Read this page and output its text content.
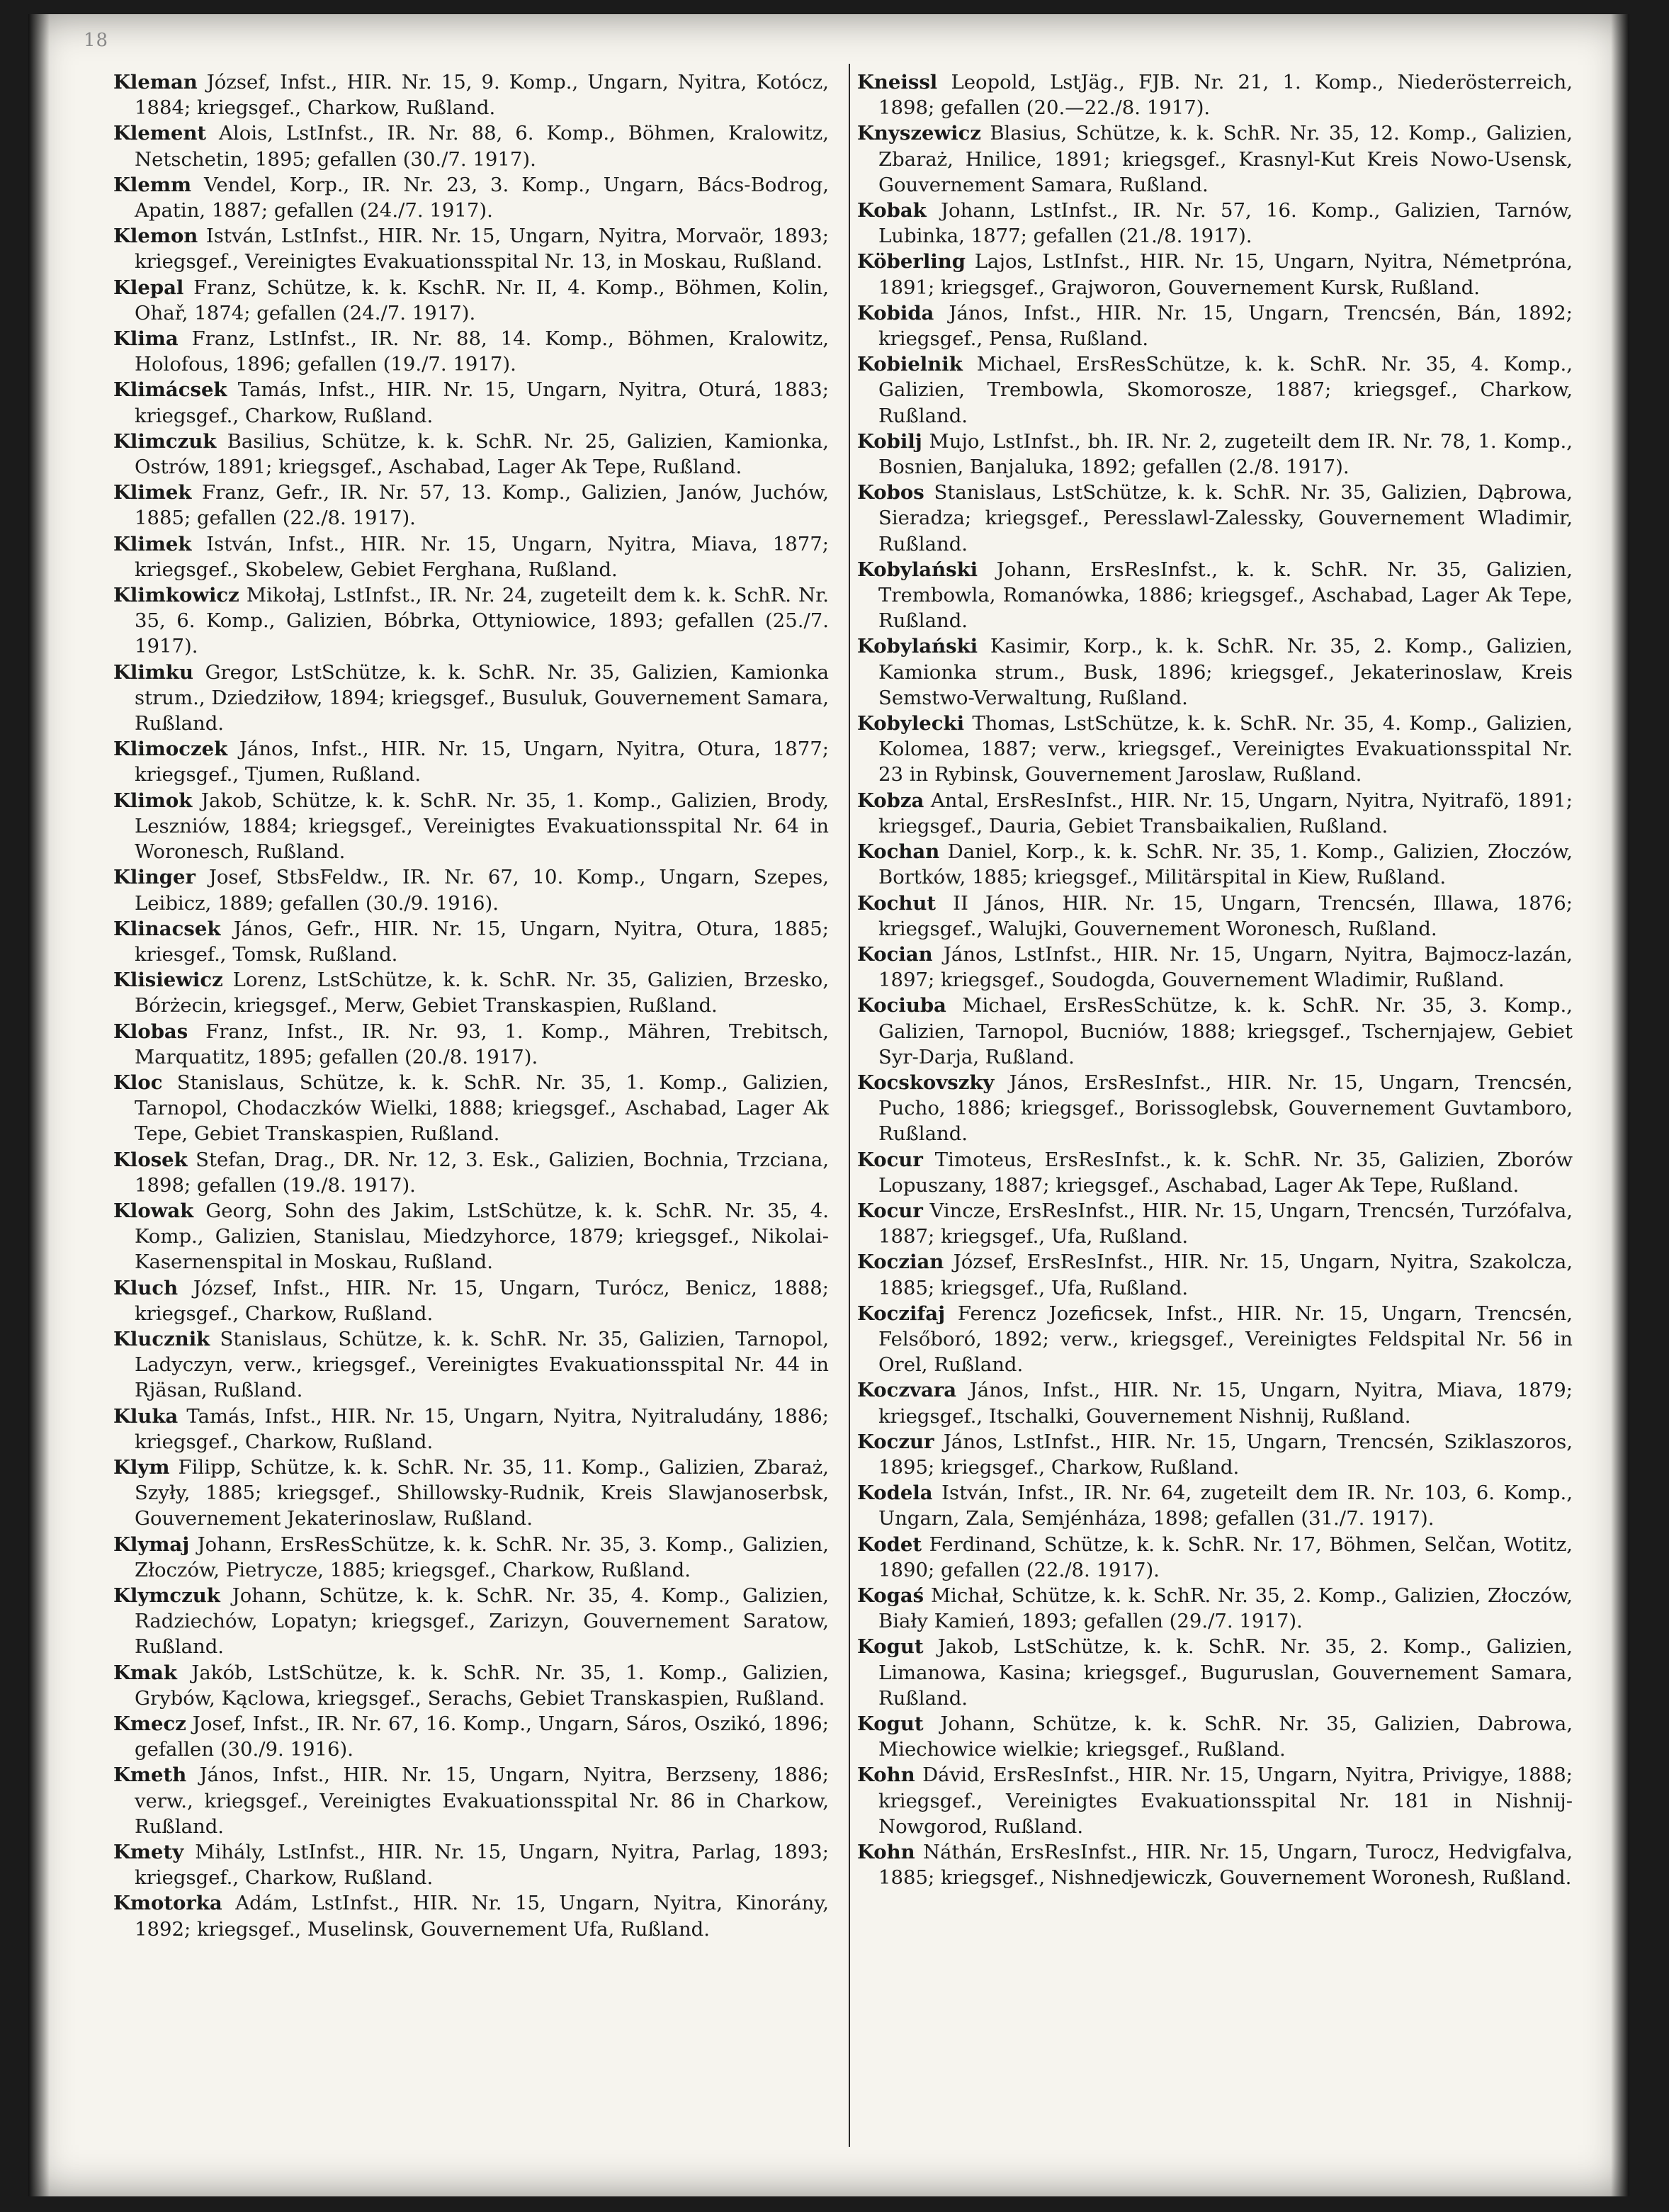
18

Kleman József, Infst., HIR. Nr. 15, 9. Komp., Ungarn, Nyitra, Kotócz, 1884; kriegsgef., Charkow, Rußland.

Klement Alois, LstInfst., IR. Nr. 88, 6. Komp., Böhmen, Kralowitz, Netschetin, 1895; gefallen (30./7. 1917).

Klemm Vendel, Korp., IR. Nr. 23, 3. Komp., Ungarn, Bács-Bodrog, Apatin, 1887; gefallen (24./7. 1917).

Klemon István, LstInfst., HIR. Nr. 15, Ungarn, Nyitra, Morvaör, 1893; kriegsgef., Vereinigtes Evakuationsspital Nr. 13, in Moskau, Rußland.

Klepal Franz, Schütze, k. k. KschR. Nr. II, 4. Komp., Böhmen, Kolin, Ohař, 1874; gefallen (24./7. 1917).

Klima Franz, LstInfst., IR. Nr. 88, 14. Komp., Böhmen, Kralowitz, Holofous, 1896; gefallen (19./7. 1917).

Klimácsek Tamás, Infst., HIR. Nr. 15, Ungarn, Nyitra, Oturá, 1883; kriegsgef., Charkow, Rußland.

Klimczuk Basilius, Schütze, k. k. SchR. Nr. 25, Galizien, Kamionka, Ostrów, 1891; kriegsgef., Aschabad, Lager Ak Tepe, Rußland.

Klimek Franz, Gefr., IR. Nr. 57, 13. Komp., Galizien, Janów, Juchów, 1885; gefallen (22./8. 1917).

Klimek István, Infst., HIR. Nr. 15, Ungarn, Nyitra, Miava, 1877; kriegsgef., Skobelew, Gebiet Ferghana, Rußland.

Klimkowicz Mikołaj, LstInfst., IR. Nr. 24, zugeteilt dem k. k. SchR. Nr. 35, 6. Komp., Galizien, Bóbrka, Ottyniowice, 1893; gefallen (25./7. 1917).

Klimku Gregor, LstSchütze, k. k. SchR. Nr. 35, Galizien, Kamionka strum., Dziedziłow, 1894; kriegsgef., Busuluk, Gouvernement Samara, Rußland.

Klimoczek János, Infst., HIR. Nr. 15, Ungarn, Nyitra, Otura, 1877; kriegsgef., Tjumen, Rußland.

Klimok Jakob, Schütze, k. k. SchR. Nr. 35, 1. Komp., Galizien, Brody, Leszniów, 1884; kriegsgef., Vereinigtes Evakuationsspital Nr. 64 in Woronesch, Rußland.

Klinger Josef, StbsFeldw., IR. Nr. 67, 10. Komp., Ungarn, Szepes, Leibicz, 1889; gefallen (30./9. 1916).

Klinacsek János, Gefr., HIR. Nr. 15, Ungarn, Nyitra, Otura, 1885; kriesgef., Tomsk, Rußland.

Klisiewicz Lorenz, LstSchütze, k. k. SchR. Nr. 35, Galizien, Brzesko, Bórżecin, kriegsgef., Merw, Gebiet Transkaspien, Rußland.

Klobas Franz, Infst., IR. Nr. 93, 1. Komp., Mähren, Trebitsch, Marquatitz, 1895; gefallen (20./8. 1917).

Kloc Stanislaus, Schütze, k. k. SchR. Nr. 35, 1. Komp., Galizien, Tarnopol, Chodaczków Wielki, 1888; kriegsgef., Aschabad, Lager Ak Tepe, Gebiet Transkaspien, Rußland.

Klosek Stefan, Drag., DR. Nr. 12, 3. Esk., Galizien, Bochnia, Trzciana, 1898; gefallen (19./8. 1917).

Klowak Georg, Sohn des Jakim, LstSchütze, k. k. SchR. Nr. 35, 4. Komp., Galizien, Stanislau, Miedzyhorce, 1879; kriegsgef., Nikolai-Kasernenspital in Moskau, Rußland.

Kluch József, Infst., HIR. Nr. 15, Ungarn, Turócz, Benicz, 1888; kriegsgef., Charkow, Rußland.

Klucznik Stanislaus, Schütze, k. k. SchR. Nr. 35, Galizien, Tarnopol, Ladyczyn, verw., kriegsgef., Vereinigtes Evakuationsspital Nr. 44 in Rjäsan, Rußland.

Kluka Tamás, Infst., HIR. Nr. 15, Ungarn, Nyitra, Nyitraludány, 1886; kriegsgef., Charkow, Rußland.

Klym Filipp, Schütze, k. k. SchR. Nr. 35, 11. Komp., Galizien, Zbaraż, Szyły, 1885; kriegsgef., Shillowsky-Rudnik, Kreis Slawjanoserbsk, Gouvernement Jekaterinoslaw, Rußland.

Klymaj Johann, ErsResSchütze, k. k. SchR. Nr. 35, 3. Komp., Galizien, Złoczów, Pietrycze, 1885; kriegsgef., Charkow, Rußland.

Klymczuk Johann, Schütze, k. k. SchR. Nr. 35, 4. Komp., Galizien, Radziechów, Lopatyn; kriegsgef., Zarizyn, Gouvernement Saratow, Rußland.

Kmak Jakób, LstSchütze, k. k. SchR. Nr. 35, 1. Komp., Galizien, Grybów, Kąclowa, kriegsgef., Serachs, Gebiet Transkaspien, Rußland.

Kmecz Josef, Infst., IR. Nr. 67, 16. Komp., Ungarn, Sáros, Oszikó, 1896; gefallen (30./9. 1916).

Kmeth János, Infst., HIR. Nr. 15, Ungarn, Nyitra, Berzseny, 1886; verw., kriegsgef., Vereinigtes Evakuationsspital Nr. 86 in Charkow, Rußland.

Kmety Mihály, LstInfst., HIR. Nr. 15, Ungarn, Nyitra, Parlag, 1893; kriegsgef., Charkow, Rußland.

Kmotorka Adám, LstInfst., HIR. Nr. 15, Ungarn, Nyitra, Kinorány, 1892; kriegsgef., Muselinsk, Gouvernement Ufa, Rußland.

Kneissl Leopold, LstJäg., FJB. Nr. 21, 1. Komp., Niederösterreich, 1898; gefallen (20.—22./8. 1917).

Knyszewicz Blasius, Schütze, k. k. SchR. Nr. 35, 12. Komp., Galizien, Zbaraż, Hnilice, 1891; kriegsgef., Krasnyl-Kut Kreis Nowo-Usensk, Gouvernement Samara, Rußland.

Kobak Johann, LstInfst., IR. Nr. 57, 16. Komp., Galizien, Tarnów, Lubinka, 1877; gefallen (21./8. 1917).

Köberling Lajos, LstInfst., HIR. Nr. 15, Ungarn, Nyitra, Németpróna, 1891; kriegsgef., Grajworon, Gouvernement Kursk, Rußland.

Kobida János, Infst., HIR. Nr. 15, Ungarn, Trencsén, Bán, 1892; kriegsgef., Pensa, Rußland.

Kobielnik Michael, ErsResSchütze, k. k. SchR. Nr. 35, 4. Komp., Galizien, Trembowla, Skomorosze, 1887; kriegsgef., Charkow, Rußland.

Kobilj Mujo, LstInfst., bh. IR. Nr. 2, zugeteilt dem IR. Nr. 78, 1. Komp., Bosnien, Banjaluka, 1892; gefallen (2./8. 1917).

Kobos Stanislaus, LstSchütze, k. k. SchR. Nr. 35, Galizien, Dąbrowa, Sieradza; kriegsgef., Peresslawl-Zalessky, Gouvernement Wladimir, Rußland.

Kobylański Johann, ErsResInfst., k. k. SchR. Nr. 35, Galizien, Trembowla, Romanówka, 1886; kriegsgef., Aschabad, Lager Ak Tepe, Rußland.

Kobylański Kasimir, Korp., k. k. SchR. Nr. 35, 2. Komp., Galizien, Kamionka strum., Busk, 1896; kriegsgef., Jekaterinoslaw, Kreis Semstwo-Verwaltung, Rußland.

Kobylecki Thomas, LstSchütze, k. k. SchR. Nr. 35, 4. Komp., Galizien, Kolomea, 1887; verw., kriegsgef., Vereinigtes Evakuationsspital Nr. 23 in Rybinsk, Gouvernement Jaroslaw, Rußland.

Kobza Antal, ErsResInfst., HIR. Nr. 15, Ungarn, Nyitra, Nyitrafö, 1891; kriegsgef., Dauria, Gebiet Transbaikalien, Rußland.

Kochan Daniel, Korp., k. k. SchR. Nr. 35, 1. Komp., Galizien, Złoczów, Bortków, 1885; kriegsgef., Militärspital in Kiew, Rußland.

Kochut II János, HIR. Nr. 15, Ungarn, Trencsén, Illawa, 1876; kriegsgef., Walujki, Gouvernement Woronesch, Rußland.

Kocian János, LstInfst., HIR. Nr. 15, Ungarn, Nyitra, Bajmocz-lazán, 1897; kriegsgef., Soudogda, Gouvernement Wladimir, Rußland.

Kociuba Michael, ErsResSchütze, k. k. SchR. Nr. 35, 3. Komp., Galizien, Tarnopol, Bucniów, 1888; kriegsgef., Tschernjajew, Gebiet Syr-Darja, Rußland.

Kocskovszky János, ErsResInfst., HIR. Nr. 15, Ungarn, Trencsén, Pucho, 1886; kriegsgef., Borissoglebsk, Gouvernement Guvtamboro, Rußland.

Kocur Timoteus, ErsResInfst., k. k. SchR. Nr. 35, Galizien, Zborów Lopuszany, 1887; kriegsgef., Aschabad, Lager Ak Tepe, Rußland.

Kocur Vincze, ErsResInfst., HIR. Nr. 15, Ungarn, Trencsén, Turzófalva, 1887; kriegsgef., Ufa, Rußland.

Koczian József, ErsResInfst., HIR. Nr. 15, Ungarn, Nyitra, Szakolcza, 1885; kriegsgef., Ufa, Rußland.

Koczifaj Ferencz Jozeficsek, Infst., HIR. Nr. 15, Ungarn, Trencsén, Felsőboró, 1892; verw., kriegsgef., Vereinigtes Feldspital Nr. 56 in Orel, Rußland.

Koczvara János, Infst., HIR. Nr. 15, Ungarn, Nyitra, Miava, 1879; kriegsgef., Itschalki, Gouvernement Nishnij, Rußland.

Koczur János, LstInfst., HIR. Nr. 15, Ungarn, Trencsén, Sziklaszoros, 1895; kriegsgef., Charkow, Rußland.

Kodela István, Infst., IR. Nr. 64, zugeteilt dem IR. Nr. 103, 6. Komp., Ungarn, Zala, Semjénháza, 1898; gefallen (31./7. 1917).

Kodet Ferdinand, Schütze, k. k. SchR. Nr. 17, Böhmen, Selčan, Wotitz, 1890; gefallen (22./8. 1917).

Kogaś Michał, Schütze, k. k. SchR. Nr. 35, 2. Komp., Galizien, Złoczów, Biały Kamień, 1893; gefallen (29./7. 1917).

Kogut Jakob, LstSchütze, k. k. SchR. Nr. 35, 2. Komp., Galizien, Limanowa, Kasina; kriegsgef., Buguruslan, Gouvernement Samara, Rußland.

Kogut Johann, Schütze, k. k. SchR. Nr. 35, Galizien, Dabrowa, Miechowice wielkie; kriegsgef., Rußland.

Kohn Dávid, ErsResInfst., HIR. Nr. 15, Ungarn, Nyitra, Privigye, 1888; kriegsgef., Vereinigtes Evakuationsspital Nr. 181 in Nishnij-Nowgorod, Rußland.

Kohn Náthán, ErsResInfst., HIR. Nr. 15, Ungarn, Turocz, Hedvigfalva, 1885; kriegsgef., Nishnedjewiczk, Gouvernement Woronesh, Rußland.
